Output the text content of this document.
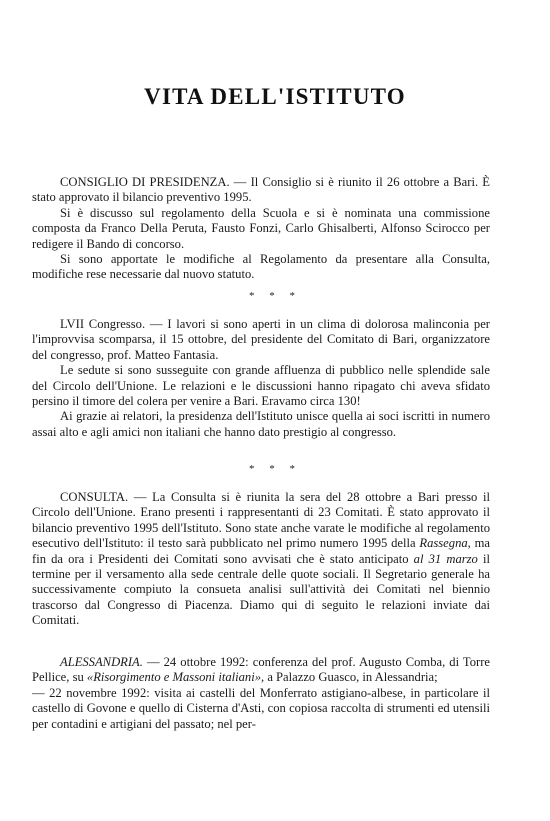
VITA DELL'ISTITUTO

CONSIGLIO DI PRESIDENZA. — Il Consiglio si è riunito il 26 ottobre a Bari. È stato approvato il bilancio preventivo 1995.

Si è discusso sul regolamento della Scuola e si è nominata una commissione composta da Franco Della Peruta, Fausto Fonzi, Carlo Ghisalberti, Alfonso Scirocco per redigere il Bando di concorso.

Si sono apportate le modifiche al Regolamento da presentare alla Consulta, modifiche rese necessarie dal nuovo statuto.

* * *

LVII Congresso. — I lavori si sono aperti in un clima di dolorosa malinconia per l'improvvisa scomparsa, il 15 ottobre, del presidente del Comitato di Bari, organizzatore del congresso, prof. Matteo Fantasia.

Le sedute si sono susseguite con grande affluenza di pubblico nelle splendide sale del Circolo dell'Unione. Le relazioni e le discussioni hanno ripagato chi aveva sfidato persino il timore del colera per venire a Bari. Eravamo circa 130!

Ai grazie ai relatori, la presidenza dell'Istituto unisce quella ai soci iscritti in numero assai alto e agli amici non italiani che hanno dato prestigio al congresso.

* * *

CONSULTA. — La Consulta si è riunita la sera del 28 ottobre a Bari presso il Circolo dell'Unione. Erano presenti i rappresentanti di 23 Comitati. È stato approvato il bilancio preventivo 1995 dell'Istituto. Sono state anche varate le modifiche al regolamento esecutivo dell'Istituto: il testo sarà pubblicato nel primo numero 1995 della Rassegna, ma fin da ora i Presidenti dei Comitati sono avvisati che è stato anticipato al 31 marzo il termine per il versamento alla sede centrale delle quote sociali. Il Segretario generale ha successivamente compiuto la consueta analisi sull'attività dei Comitati nel biennio trascorso dal Congresso di Piacenza. Diamo qui di seguito le relazioni inviate dai Comitati.

ALESSANDRIA. — 24 ottobre 1992: conferenza del prof. Augusto Comba, di Torre Pellice, su «Risorgimento e Massoni italiani», a Palazzo Guasco, in Alessandria;

— 22 novembre 1992: visita ai castelli del Monferrato astigiano-albese, in particolare il castello di Govone e quello di Cisterna d'Asti, con copiosa raccolta di strumenti ed utensili per contadini e artigiani del passato; nel per-
